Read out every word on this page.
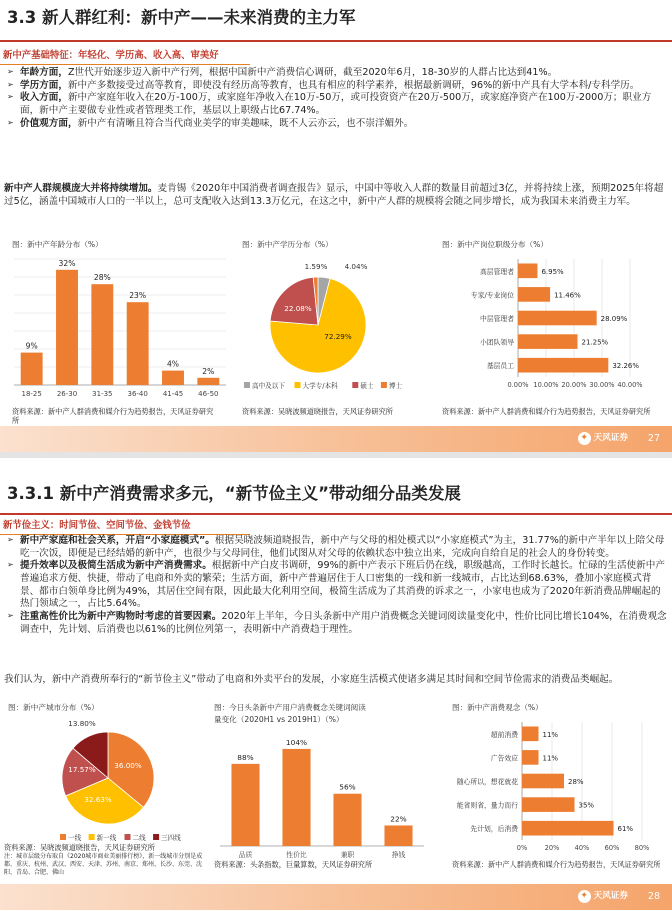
3.3 新人群红利：新中产——未来消费的主力军
新中产基础特征：年轻化、学历高、收入高、审美好
➢ 年龄方面，Z世代开始逐步迈入新中产行列，根据中国新中产消费信心调研，截至2020年6月，18-30岁的人群占比达到41%。
➢ 学历方面，新中产多数接受过高等教育，即使没有经历高等教育，也具有相应的科学素养，根据最新调研，96%的新中产具有大学本科/专科学历。
➢ 收入方面，新中产家庭年收入在20万-100万，或家庭年净收入在10万-50万，或可投资资产在20万-500万，或家庭净资产在100万-2000万；职业方面，新中产主要做专业性或者管理类工作，基层以上职级占比67.74%。
➢ 价值观方面，新中产有清晰且符合当代商业美学的审美趣味，既不人云亦云，也不崇洋媚外。
新中产人群规模庞大并将持续增加。麦肯锡《2020年中国消费者调查报告》显示，中国中等收入人群的数量目前超过3亿，并将持续上涨，预期2025年将超过5亿，涵盖中国城市人口的一半以上，总可支配收入达到13.3万亿元，在这之中，新中产人群的规模将会随之同步增长，成为我国未来消费主力军。
图：新中产年龄分布（%）	图：新中产学历分布（%）	图：新中产岗位职级分布（%）
9%
18-25
32%
26-30
28%
31-35
23%
36-40
4%
41-45
2%
46-50
4.04%
72.29%
22.08%
1.59%
高中及以下	大学专/本科	硕士 博士	0.00% 10.00% 20.00% 30.00% 40.00%
6.95%
高层管理者
11.46%
专家/专业岗位
28.09%
中层管理者
21.25%
小团队领导
32.26%
基层员工
资料来源：新中产人群消费和媒介行为趋势报告，天风证券研究所
资料来源：吴晓波频道晓报告，天风证券研究所	资料来源：新中产人群消费和媒介行为趋势报告，天风证券研究所
✦ 天风证券 27
3.3.1 新中产消费需求多元，“新节俭主义”带动细分品类发展
新节俭主义：时间节俭、空间节俭、金钱节俭
➢ 新中产家庭和社会关系，开启“小家庭模式”。根据吴晓波频道晓报告，新中产与父母的相处模式以“小家庭模式”为主，31.77%的新中产半年以上陪父母吃一次饭，即便是已经结婚的新中产，也很少与父母同住，他们试图从对父母的依赖状态中独立出来，完成向自给自足的社会人的身份转变。
➢ 提升效率以及极简生活成为新中产消费需求。根据新中产白皮书调研，99%的新中产表示下班后仍在线，职级越高，工作时长越长。忙碌的生活使新中产普遍追求方便、快捷，带动了电商和外卖的繁荣；生活方面，新中产普遍居住于人口密集的一线和新一线城市，占比达到68.63%，叠加小家庭模式背景、都市白领单身比例为49%，其居住空间有限，因此最大化利用空间，极简生活成为了其消费的诉求之一，小家电也成为了2020年新消费品牌崛起的热门领域之一，占比5.64%。
➢ 注重高性价比为新中产购物时考虑的首要因素。2020年上半年，今日头条新中产用户消费概念关键词阅读量变化中，性价比同比增长104%，在消费观念调查中，先计划、后消费也以61%的比例位列第一，表明新中产消费趋于理性。
我们认为，新中产消费所奉行的“新节俭主义”带动了电商和外卖平台的发展，小家庭生活模式使诸多满足其时间和空间节俭需求的消费品类崛起。
图：新中产城市分布（%）	图：今日头条新中产用户消费概念关键词阅读
量变化（2020H1 vs 2019H1）（%）
图：新中产消费观念（%）
36.00%
32.63%
17.57%
13.80%
一线 新一线 二线 三四线
88%
品质
104%
性价比
56%
兼职
22%
挣钱
0%	20% 40% 60% 80%
11%
超前消费
11%
广告效应
28%
随心所以，想花就花
35%
能省则省，量力而行
61%
先计划，后消费
资料来源：吴晓波频道晓报告，天风证券研究所
注：城市层级分布取自《2020城市商业美丽排行榜》，新一线城市分别是成都、重庆、杭州、武汉、西安、天津、苏州、南京、郑州、长沙、东莞、沈阳、青岛、合肥、佛山
资料来源：头条指数，巨量算数，天风证券研究所	资料来源：新中产人群消费和媒介行为趋势报告，天风证券研究所
✦ 天风证券 28
